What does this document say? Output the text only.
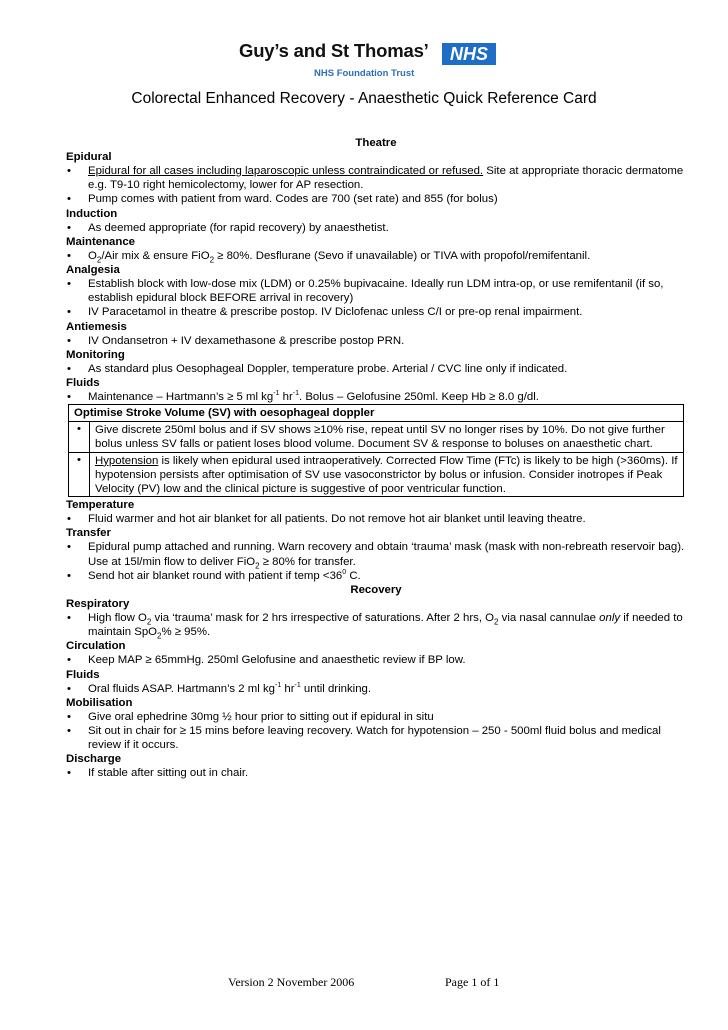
Guy’s and St Thomas’	NHS
NHS Foundation Trust
Colorectal Enhanced Recovery - Anaesthetic Quick Reference Card
Theatre
Epidural
• Epidural for all cases including laparoscopic unless contraindicated or refused. Site at appropriate thoracic dermatome e.g. T9-10 right hemicolectomy, lower for AP resection.
• Pump comes with patient from ward. Codes are 700 (set rate) and 855 (for bolus)
Induction
• As deemed appropriate (for rapid recovery) by anaesthetist.
Maintenance
• $O_2$/Air mix & ensure FiO$_2$ ≥ 80%. Desflurane (Sevo if unavailable) or TIVA with propofol/remifentanil.
Analgesia
• Establish block with low-dose mix (LDM) or 0.25% bupivacaine. Ideally run LDM intra-op, or use remifentanil (if so, establish epidural block BEFORE arrival in recovery)
• IV Paracetamol in theatre & prescribe postop. IV Diclofenac unless C/I or pre-op renal impairment.
Antiemesis
• IV Ondansetron + IV dexamethasone & prescribe postop PRN.
Monitoring
• As standard plus Oesophageal Doppler, temperature probe. Arterial / CVC line only if indicated.
Fluids
• Maintenance – Hartmann’s ≥ 5 ml $kg^{-1}$ $hr^{-1}$. Bolus – Gelofusine 250ml. Keep Hb ≥ 8.0 g/dl.
Optimise Stroke Volume (SV) with oesophageal doppler
•	Give discrete 250ml bolus and if SV shows ≥10% rise, repeat until SV no longer rises by 10%. Do not give further bolus unless SV falls or patient loses blood volume. Document SV & response to boluses on anaesthetic chart.
•	Hypotension is likely when epidural used intraoperatively. Corrected Flow Time (FTc) is likely to be high (>360ms). If hypotension persists after optimisation of SV use vasoconstrictor by bolus or infusion. Consider inotropes if Peak Velocity (PV) low and the clinical picture is suggestive of poor ventricular function.
Temperature
• Fluid warmer and hot air blanket for all patients. Do not remove hot air blanket until leaving theatre.
Transfer
• Epidural pump attached and running. Warn recovery and obtain ‘trauma’ mask (mask with non-rebreath reservoir bag). Use at 15l/min flow to deliver FiO$_2$ ≥ 80% for transfer.
• Send hot air blanket round with patient if temp $<36^0$ C.
Recovery
Respiratory
• High flow $O_2$ via ‘trauma’ mask for 2 hrs irrespective of saturations. After 2 hrs, $O_2$ via nasal cannulae only if needed to maintain SpO$_2$% ≥ 95%.
Circulation
• Keep MAP ≥ 65mmHg. 250ml Gelofusine and anaesthetic review if BP low.
Fluids
• Oral fluids ASAP. Hartmann’s 2 ml $kg^{-1}$ $hr^{-1}$ until drinking.
Mobilisation
• Give oral ephedrine 30mg ½ hour prior to sitting out if epidural in situ
• Sit out in chair for ≥ 15 mins before leaving recovery. Watch for hypotension – 250 - 500ml fluid bolus and medical review if it occurs.
Discharge
• If stable after sitting out in chair.
Version 2 November 2006	Page 1 of 1
